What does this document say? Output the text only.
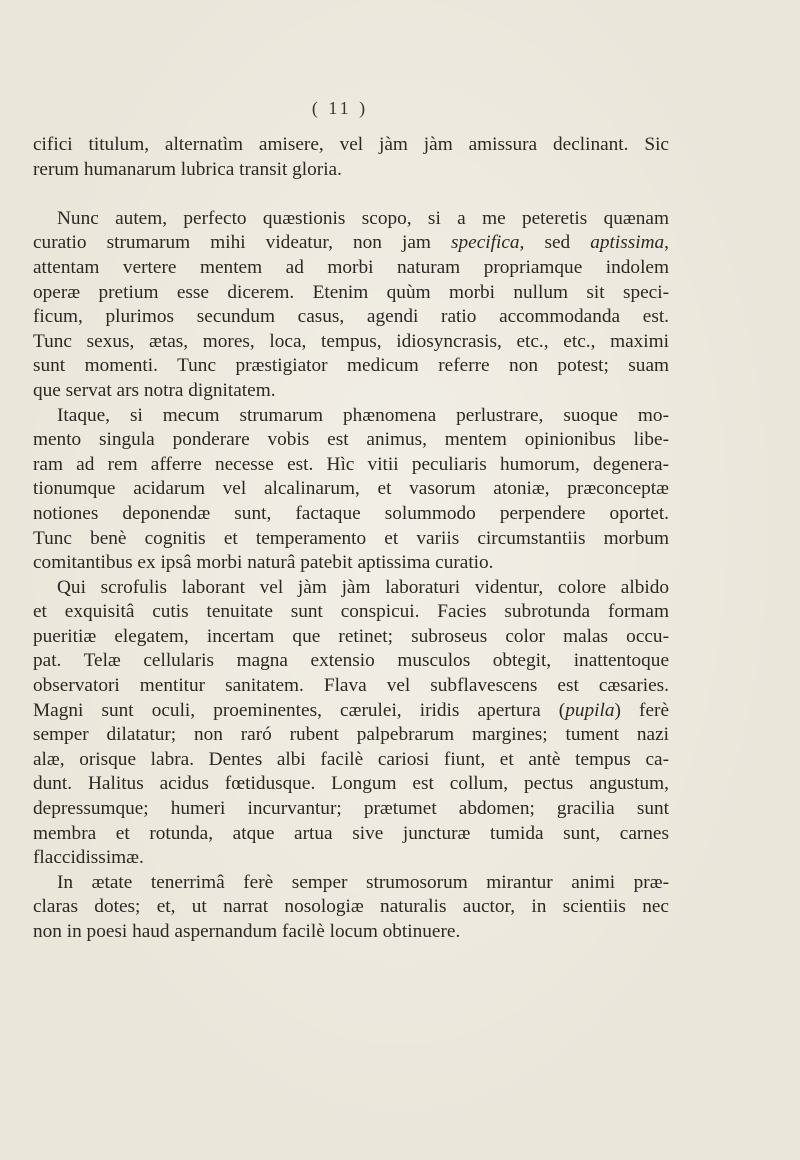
( 11 )
cifici titulum, alternatìm amisere, vel jàm jàm amissura declinant. Sic
rerum humanarum lubrica transit gloria.
Nunc autem, perfecto quæstionis scopo, si a me peteretis quænam
curatio strumarum mihi videatur, non jam specifica, sed aptissima,
attentam vertere mentem ad morbi naturam propriamque indolem
operæ pretium esse dicerem. Etenim quùm morbi nullum sit speci-
ficum, plurimos secundum casus, agendi ratio accommodanda est.
Tunc sexus, ætas, mores, loca, tempus, idiosyncrasis, etc., etc., maximi
sunt momenti. Tunc præstigiator medicum referre non potest; suam
que servat ars notra dignitatem.
Itaque, si mecum strumarum phænomena perlustrare, suoque mo-
mento singula ponderare vobis est animus, mentem opinionibus libe-
ram ad rem afferre necesse est. Hìc vitii peculiaris humorum, degenera-
tionumque acidarum vel alcalinarum, et vasorum atoniæ, præconceptæ
notiones deponendæ sunt, factaque solummodo perpendere oportet.
Tunc benè cognitis et temperamento et variis circumstantiis morbum
comitantibus ex ipsâ morbi naturâ patebit aptissima curatio.
Qui scrofulis laborant vel jàm jàm laboraturi videntur, colore albido
et exquisitâ cutis tenuitate sunt conspicui. Facies subrotunda formam
pueritiæ elegatem, incertam que retinet; subroseus color malas occu-
pat. Telæ cellularis magna extensio musculos obtegit, inattentoque
observatori mentitur sanitatem. Flava vel subflavescens est cæsaries.
Magni sunt oculi, proeminentes, cærulei, iridis apertura (pupila) ferè
semper dilatatur; non raró rubent palpebrarum margines; tument nazi
alæ, orisque labra. Dentes albi facilè cariosi fiunt, et antè tempus ca-
dunt. Halitus acidus fœtidusque. Longum est collum, pectus angustum,
depressumque; humeri incurvantur; prætumet abdomen; gracilia sunt
membra et rotunda, atque artua sive juncturæ tumida sunt, carnes
flaccidissimæ.
In ætate tenerrimâ ferè semper strumosorum mirantur animi præ-
claras dotes; et, ut narrat nosologiæ naturalis auctor, in scientiis nec
non in poesi haud aspernandum facilè locum obtinuere.
